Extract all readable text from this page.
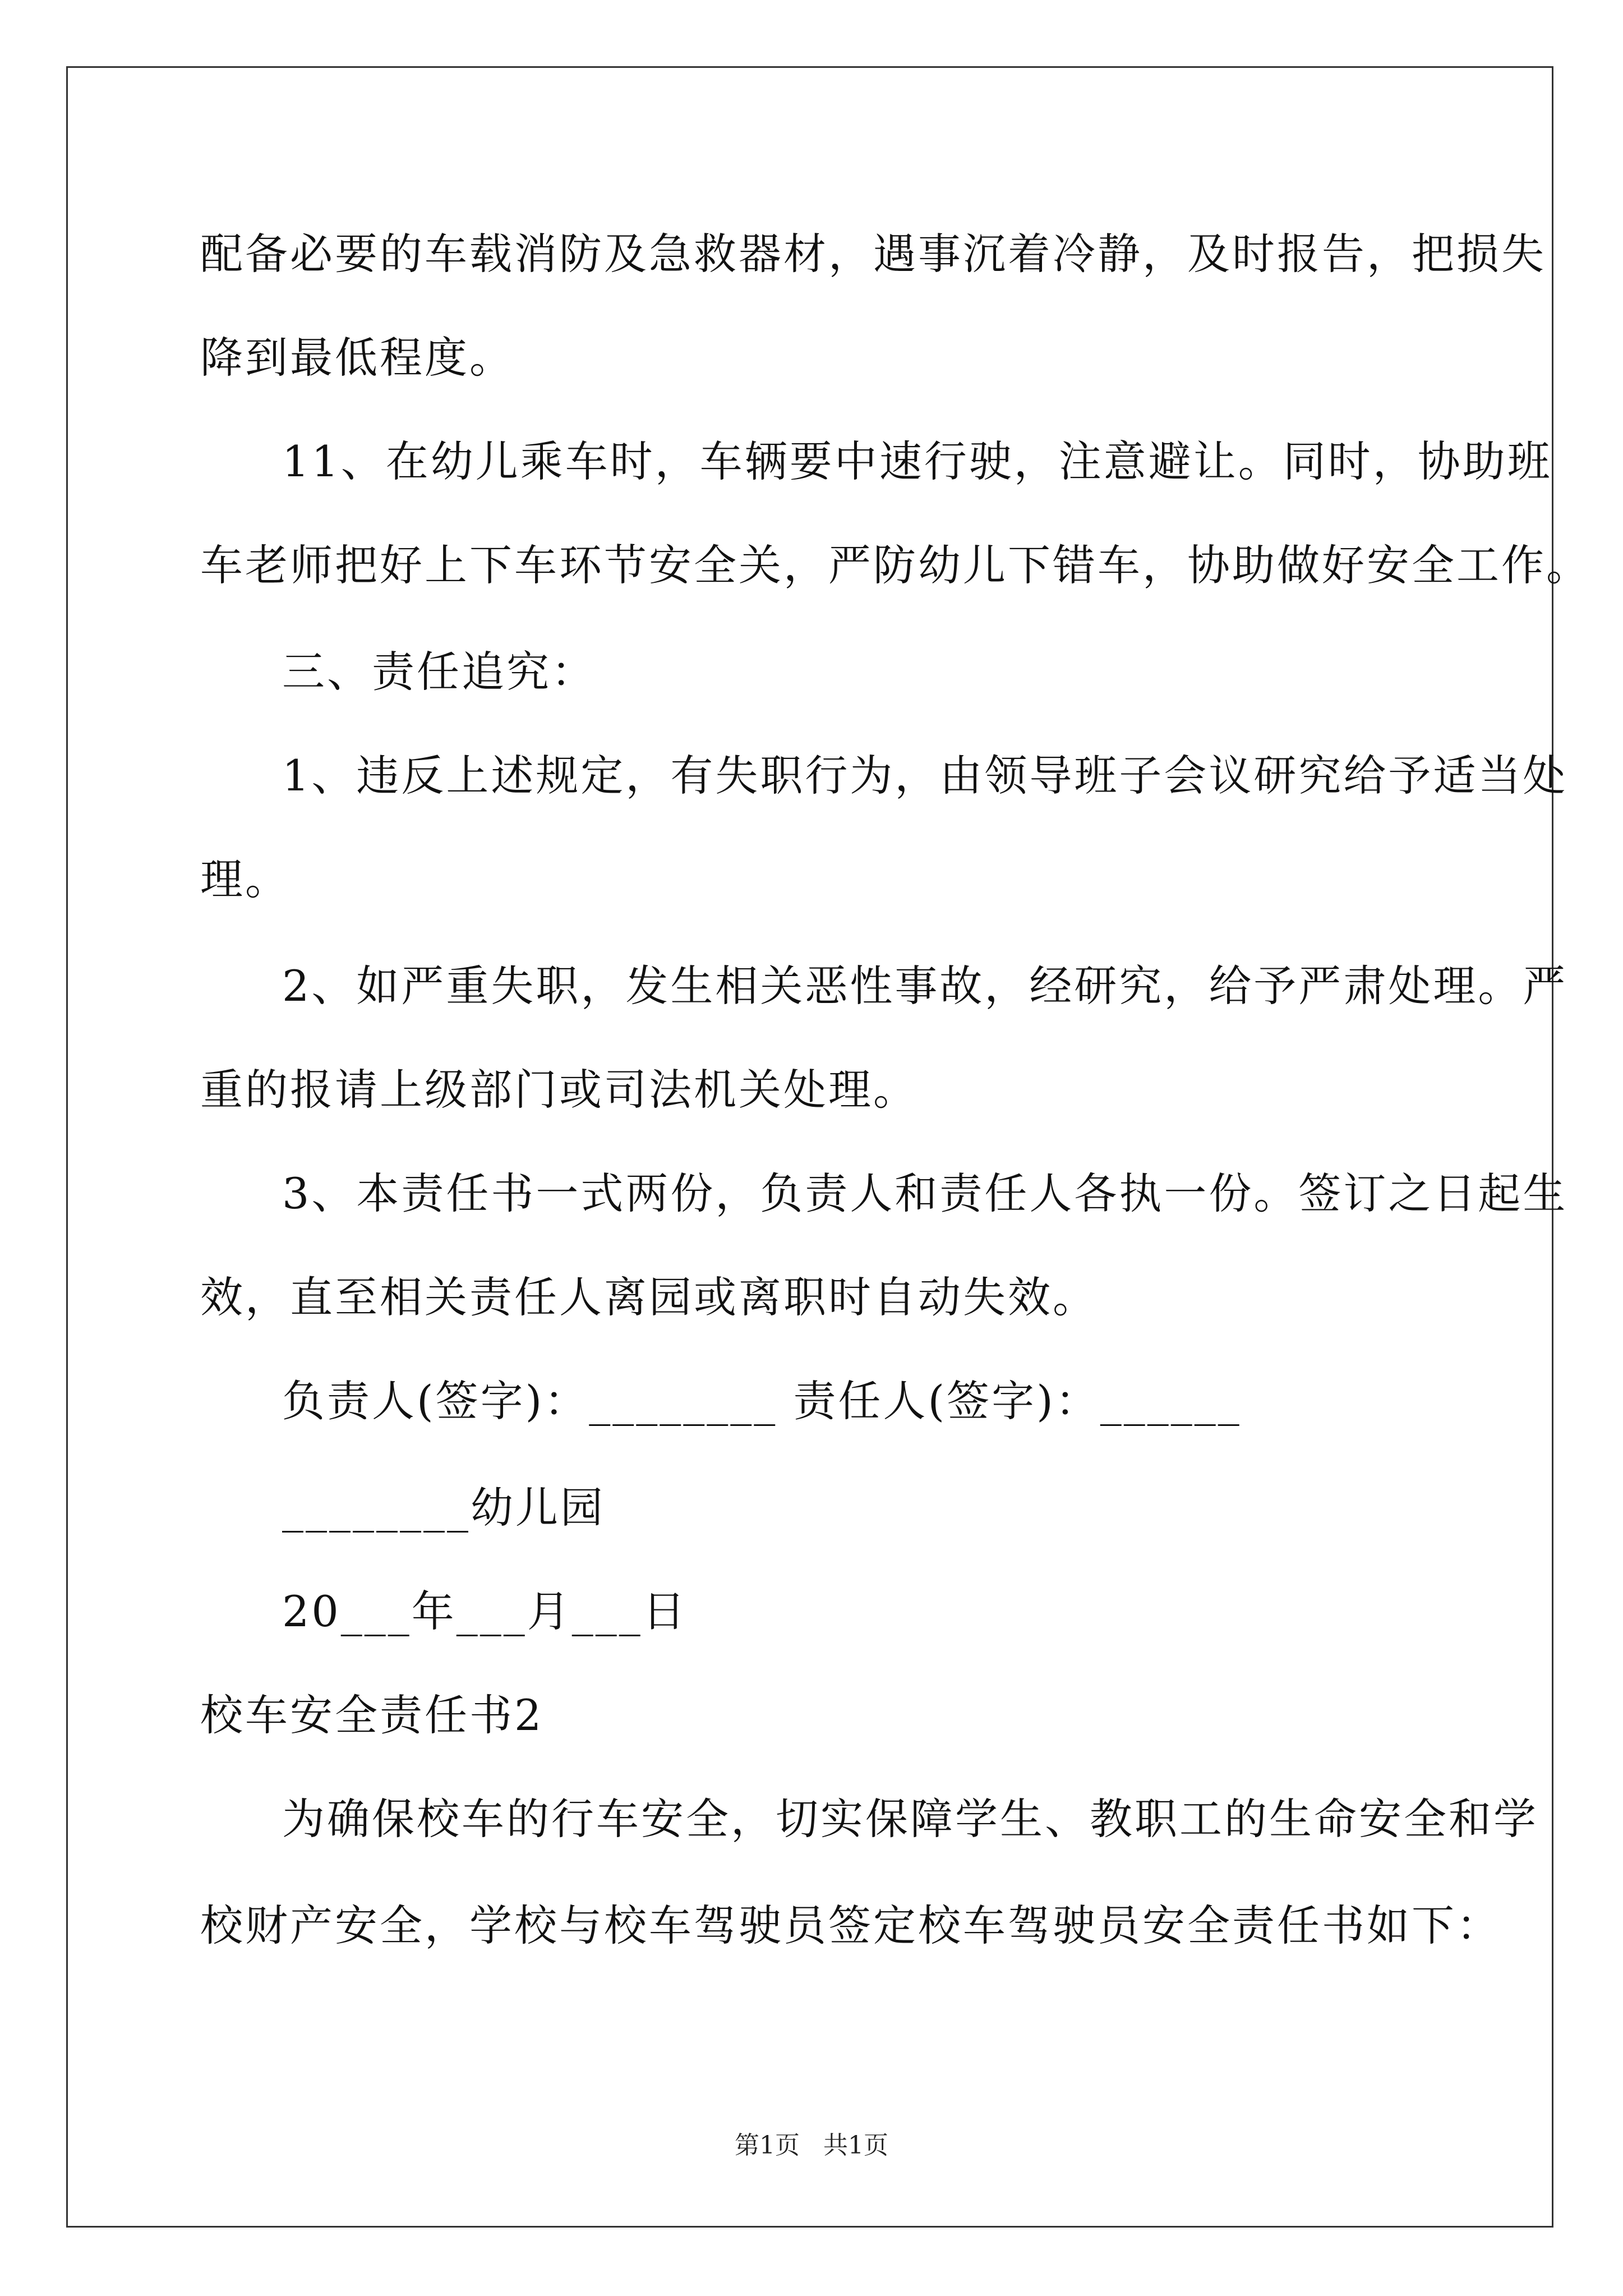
配备必要的车载消防及急救器材，遇事沉着冷静，及时报告，把损失
降到最低程度。
11、在幼儿乘车时，车辆要中速行驶，注意避让。同时，协助班
车老师把好上下车环节安全关，严防幼儿下错车，协助做好安全工作。
三、责任追究：
1、违反上述规定，有失职行为，由领导班子会议研究给予适当处
理。
2、如严重失职，发生相关恶性事故，经研究，给予严肃处理。严
重的报请上级部门或司法机关处理。
3、本责任书一式两份，负责人和责任人各执一份。签订之日起生
效，直至相关责任人离园或离职时自动失效。
负责人(签字)：________ 责任人(签字)：______
________幼儿园
20___年___月___日
校车安全责任书2
为确保校车的行车安全，切实保障学生、教职工的生命安全和学
校财产安全，学校与校车驾驶员签定校车驾驶员安全责任书如下：
第1页 共1页
